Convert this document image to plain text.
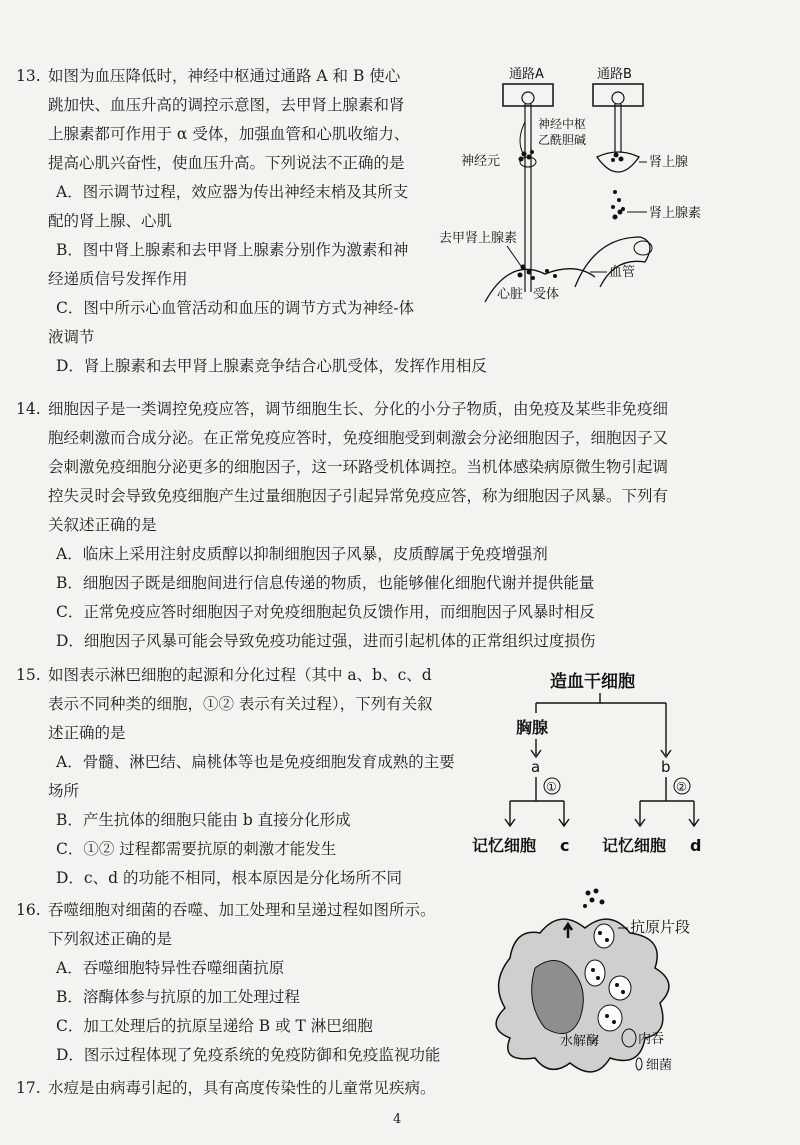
13. 如图为血压降低时，神经中枢通过通路 A 和 B 使心
跳加快、血压升高的调控示意图，去甲肾上腺素和肾
上腺素都可作用于 α 受体，加强血管和心肌收缩力、
提高心肌兴奋性，使血压升高。下列说法不正确的是
A．图示调节过程，效应器为传出神经末梢及其所支
配的肾上腺、心肌
B．图中肾上腺素和去甲肾上腺素分别作为激素和神
经递质信号发挥作用
C．图中所示心血管活动和血压的调节方式为神经-体
液调节
D．肾上腺素和去甲肾上腺素竞争结合心肌受体，发挥作用相反
通路A	通路B
神经中枢
乙酰胆碱
神经元	肾上腺
肾上腺素
去甲肾上腺素
血管
心脏 受体
14. 细胞因子是一类调控免疫应答，调节细胞生长、分化的小分子物质，由免疫及某些非免疫细
胞经刺激而合成分泌。在正常免疫应答时，免疫细胞受到刺激会分泌细胞因子，细胞因子又
会刺激免疫细胞分泌更多的细胞因子，这一环路受机体调控。当机体感染病原微生物引起调
控失灵时会导致免疫细胞产生过量细胞因子引起异常免疫应答，称为细胞因子风暴。下列有
关叙述正确的是
A．临床上采用注射皮质醇以抑制细胞因子风暴，皮质醇属于免疫增强剂
B．细胞因子既是细胞间进行信息传递的物质，也能够催化细胞代谢并提供能量
C．正常免疫应答时细胞因子对免疫细胞起负反馈作用，而细胞因子风暴时相反
D．细胞因子风暴可能会导致免疫功能过强，进而引起机体的正常组织过度损伤
15. 如图表示淋巴细胞的起源和分化过程（其中 a、b、c、d
表示不同种类的细胞，①② 表示有关过程），下列有关叙
述正确的是
A．骨髓、淋巴结、扁桃体等也是免疫细胞发育成熟的主要
场所
B．产生抗体的细胞只能由 b 直接分化形成
C．①② 过程都需要抗原的刺激才能发生
D．c、d 的功能不相同，根本原因是分化场所不同
造血干细胞
胸腺
a	b
①	②
记忆细胞 c 记忆细胞 d
16. 吞噬细胞对细菌的吞噬、加工处理和呈递过程如图所示。
下列叙述正确的是
A．吞噬细胞特异性吞噬细菌抗原
B．溶酶体参与抗原的加工处理过程
C．加工处理后的抗原呈递给 B 或 T 淋巴细胞
D．图示过程体现了免疫系统的免疫防御和免疫监视功能
抗原片段
水解酶	内吞
细菌
17. 水痘是由病毒引起的，具有高度传染性的儿童常见疾病。
4
